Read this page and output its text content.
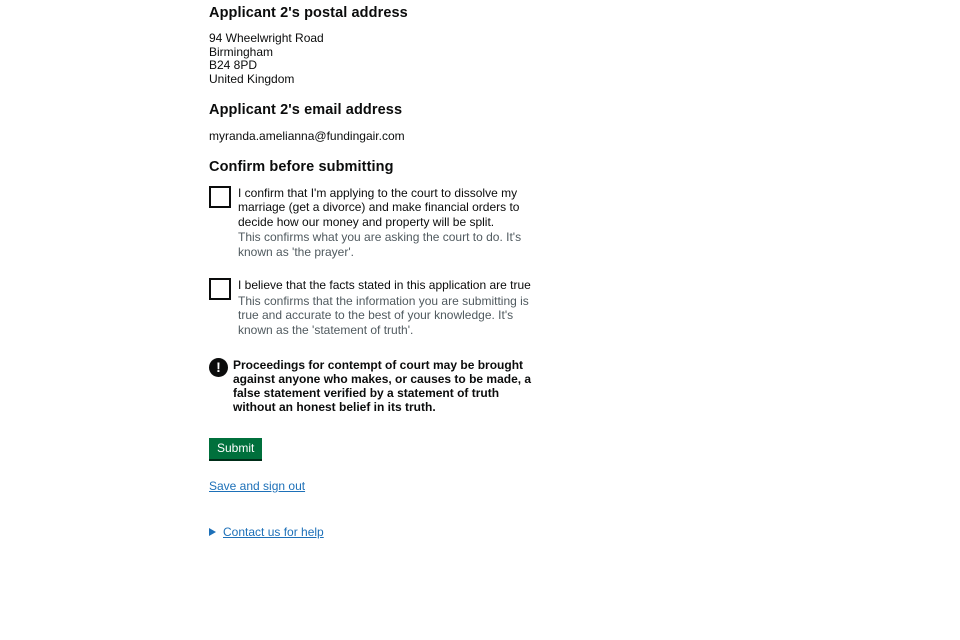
Applicant 2's postal address
94 Wheelwright Road
Birmingham
B24 8PD
United Kingdom
Applicant 2's email address
myranda.amelianna@fundingair.com
Confirm before submitting
I confirm that I'm applying to the court to dissolve my marriage (get a divorce) and make financial orders to decide how our money and property will be split.
This confirms what you are asking the court to do. It's known as 'the prayer'.
I believe that the facts stated in this application are true
This confirms that the information you are submitting is true and accurate to the best of your knowledge. It's known as the 'statement of truth'.
!
Proceedings for contempt of court may be brought against anyone who makes, or causes to be made, a false statement verified by a statement of truth without an honest belief in its truth.
Submit
Save and sign out
Contact us for help
